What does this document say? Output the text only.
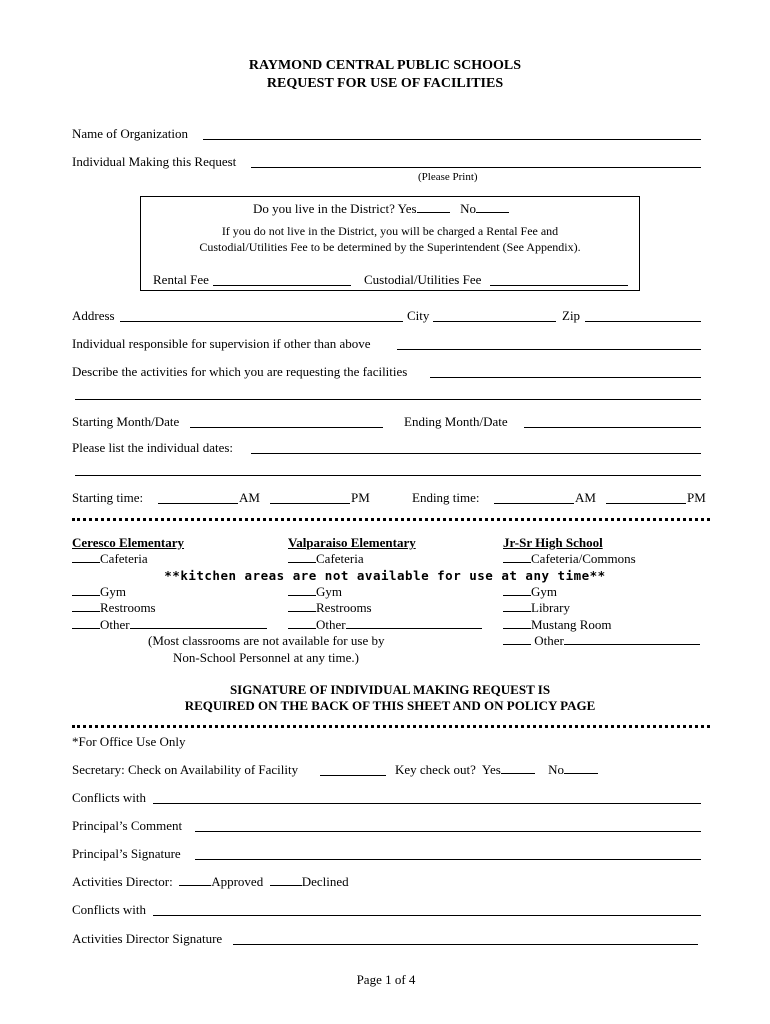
RAYMOND CENTRAL PUBLIC SCHOOLS
REQUEST FOR USE OF FACILITIES
Name of Organization
Individual Making this Request
(Please Print)
Do you live in the District? Yes	No
If you do not live in the District, you will be charged a Rental Fee and
Custodial/Utilities Fee to be determined by the Superintendent (See Appendix).
Rental Fee	Custodial/Utilities Fee
Address	City	Zip
Individual responsible for supervision if other than above
Describe the activities for which you are requesting the facilities
Starting Month/Date	Ending Month/Date
Please list the individual dates:
Starting time:	AM	PM	Ending time:	AM	PM
Ceresco Elementary	Valparaiso Elementary	Jr-Sr High School
Cafeteria	Cafeteria	Cafeteria/Commons
**kitchen areas are not available for use at any time**
Gym	Gym	Gym
Restrooms	Restrooms	Library
Other	Other	Mustang Room
(Most classrooms are not available for use by	Other
Non-School Personnel at any time.)
SIGNATURE OF INDIVIDUAL MAKING REQUEST IS
REQUIRED ON THE BACK OF THIS SHEET AND ON POLICY PAGE
*For Office Use Only
Secretary: Check on Availability of Facility	Key check out? Yes	No
Conflicts with
Principal’s Comment
Principal’s Signature
Activities Director:	Approved	Declined
Conflicts with
Activities Director Signature
Page 1 of 4
